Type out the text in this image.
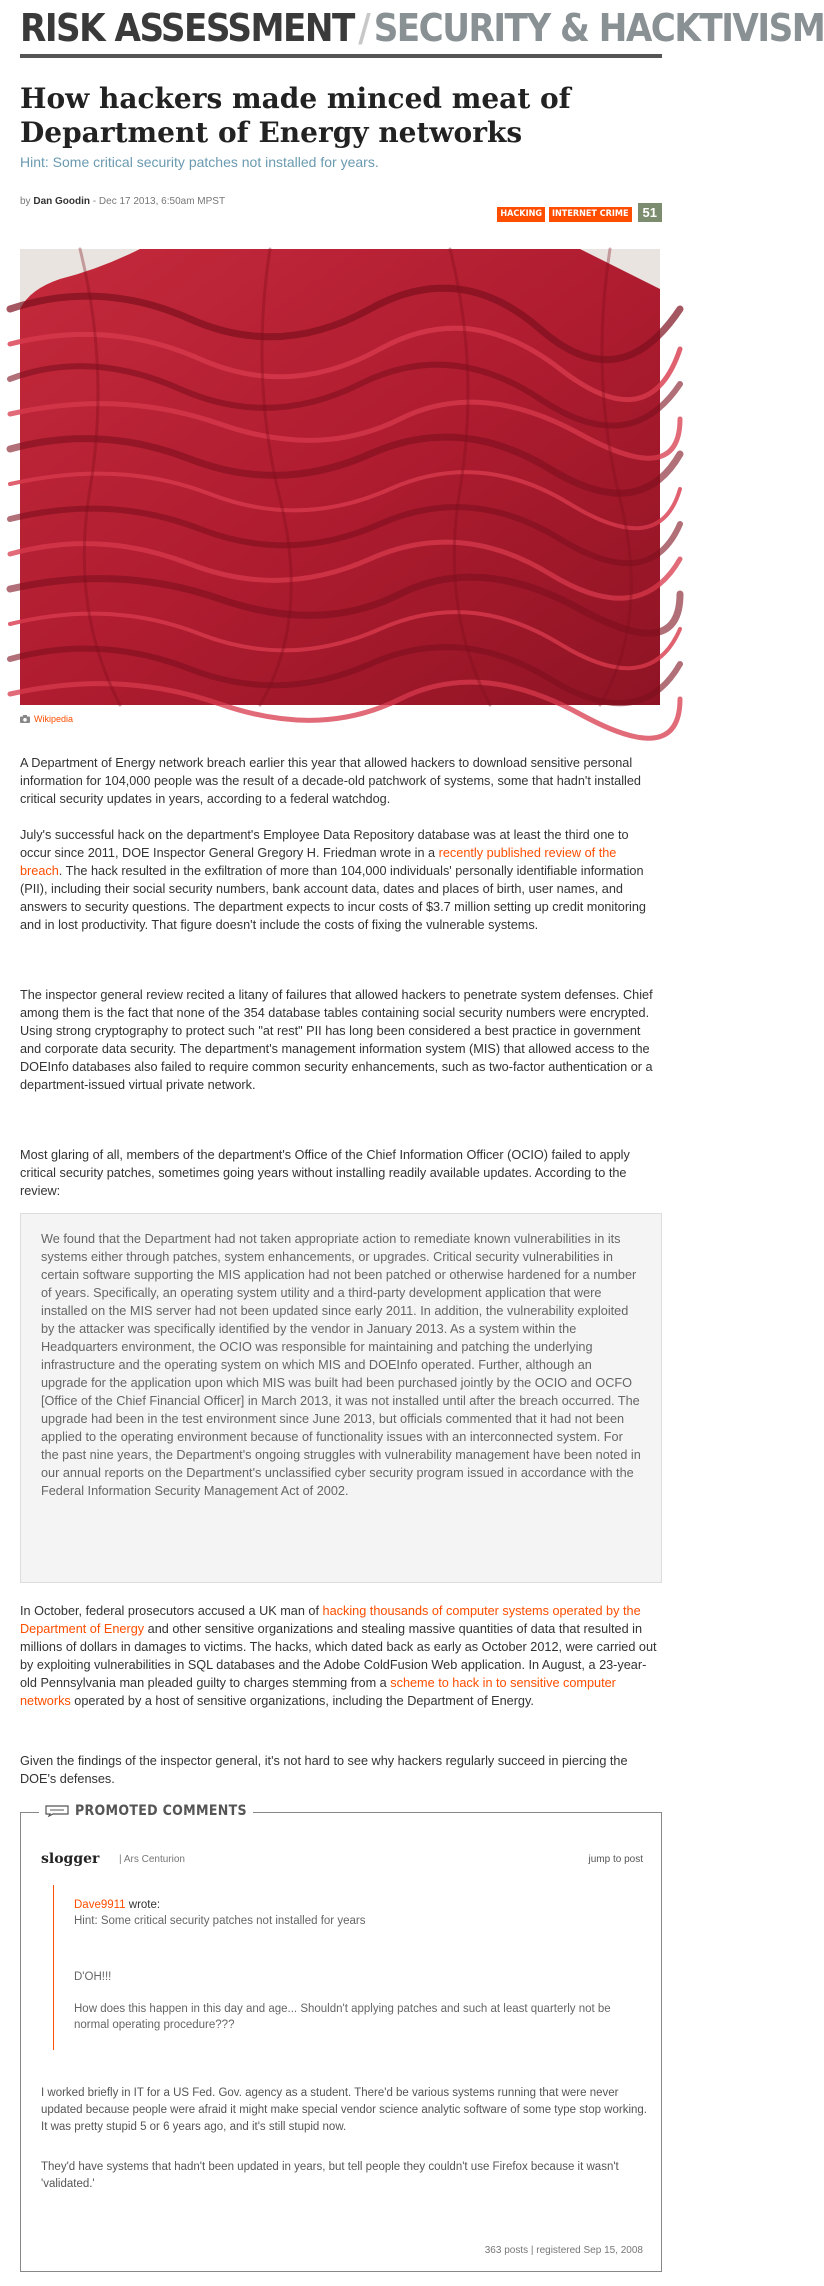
RISK ASSESSMENT / SECURITY & HACKTIVISM
How hackers made minced meat of Department of Energy networks

Hint: Some critical security patches not installed for years.

by Dan Goodin - Dec 17 2013, 6:50am MPST
HACKING	INTERNET CRIME	51
Wikipedia

A Department of Energy network breach earlier this year that allowed hackers to download sensitive personal information for 104,000 people was the result of a decade-old patchwork of systems, some that hadn't installed critical security updates in years, according to a federal watchdog.

July's successful hack on the department's Employee Data Repository database was at least the third one to occur since 2011, DOE Inspector General Gregory H. Friedman wrote in a recently published review of the breach. The hack resulted in the exfiltration of more than 104,000 individuals' personally identifiable information (PII), including their social security numbers, bank account data, dates and places of birth, user names, and answers to security questions. The department expects to incur costs of $3.7 million setting up credit monitoring and in lost productivity. That figure doesn't include the costs of fixing the vulnerable systems.

The inspector general review recited a litany of failures that allowed hackers to penetrate system defenses. Chief among them is the fact that none of the 354 database tables containing social security numbers were encrypted. Using strong cryptography to protect such "at rest" PII has long been considered a best practice in government and corporate data security. The department's management information system (MIS) that allowed access to the DOEInfo databases also failed to require common security enhancements, such as two-factor authentication or a department-issued virtual private network.

Most glaring of all, members of the department's Office of the Chief Information Officer (OCIO) failed to apply critical security patches, sometimes going years without installing readily available updates. According to the review:

We found that the Department had not taken appropriate action to remediate known vulnerabilities in its systems either through patches, system enhancements, or upgrades. Critical security vulnerabilities in certain software supporting the MIS application had not been patched or otherwise hardened for a number of years. Specifically, an operating system utility and a third-party development application that were installed on the MIS server had not been updated since early 2011. In addition, the vulnerability exploited by the attacker was specifically identified by the vendor in January 2013. As a system within the Headquarters environment, the OCIO was responsible for maintaining and patching the underlying infrastructure and the operating system on which MIS and DOEInfo operated. Further, although an upgrade for the application upon which MIS was built had been purchased jointly by the OCIO and OCFO [Office of the Chief Financial Officer] in March 2013, it was not installed until after the breach occurred. The upgrade had been in the test environment since June 2013, but officials commented that it had not been applied to the operating environment because of functionality issues with an interconnected system. For the past nine years, the Department's ongoing struggles with vulnerability management have been noted in our annual reports on the Department's unclassified cyber security program issued in accordance with the Federal Information Security Management Act of 2002.

In October, federal prosecutors accused a UK man of hacking thousands of computer systems operated by the Department of Energy and other sensitive organizations and stealing massive quantities of data that resulted in millions of dollars in damages to victims. The hacks, which dated back as early as October 2012, were carried out by exploiting vulnerabilities in SQL databases and the Adobe ColdFusion Web application. In August, a 23-year-old Pennsylvania man pleaded guilty to charges stemming from a scheme to hack in to sensitive computer networks operated by a host of sensitive organizations, including the Department of Energy.

Given the findings of the inspector general, it's not hard to see why hackers regularly succeed in piercing the DOE's defenses.

PROMOTED COMMENTS
slogger | Ars Centurion	jump to post
Dave9911 wrote:
Hint: Some critical security patches not installed for years
D'OH!!!
How does this happen in this day and age... Shouldn't applying patches and such at least quarterly not be normal operating procedure???

I worked briefly in IT for a US Fed. Gov. agency as a student. There'd be various systems running that were never updated because people were afraid it might make special vendor science analytic software of some type stop working. It was pretty stupid 5 or 6 years ago, and it's still stupid now.

They'd have systems that hadn't been updated in years, but tell people they couldn't use Firefox because it wasn't 'validated.'

363 posts | registered Sep 15, 2008
